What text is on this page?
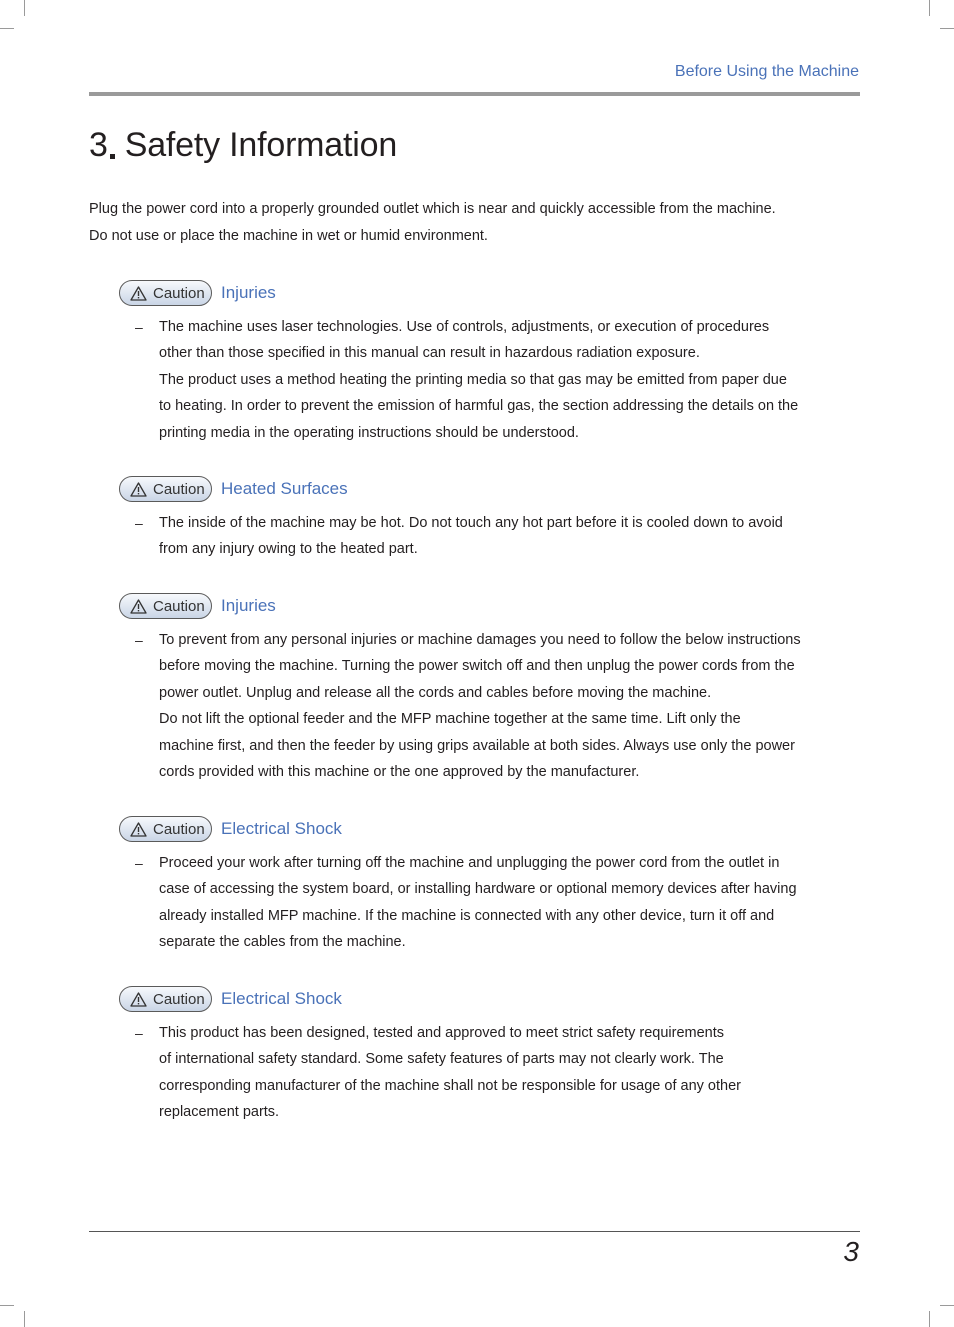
Before Using the Machine
3 Safety Information

Plug the power cord into a properly grounded outlet which is near and quickly accessible from the machine.

Do not use or place the machine in wet or humid environment.

Caution Injuries
– The machine uses laser technologies. Use of controls, adjustments, or execution of procedures

other than those specified in this manual can result in hazardous radiation exposure.

The product uses a method heating the printing media so that gas may be emitted from paper due

to heating. In order to prevent the emission of harmful gas, the section addressing the details on the

printing media in the operating instructions should be understood.

Caution Heated Surfaces
– The inside of the machine may be hot. Do not touch any hot part before it is cooled down to avoid

from any injury owing to the heated part.

Caution Injuries
– To prevent from any personal injuries or machine damages you need to follow the below instructions

before moving the machine. Turning the power switch off and then unplug the power cords from the

power outlet. Unplug and release all the cords and cables before moving the machine.

Do not lift the optional feeder and the MFP machine together at the same time. Lift only the

machine first, and then the feeder by using grips available at both sides. Always use only the power

cords provided with this machine or the one approved by the manufacturer.

Caution Electrical Shock
– Proceed your work after turning off the machine and unplugging the power cord from the outlet in

case of accessing the system board, or installing hardware or optional memory devices after having

already installed MFP machine. If the machine is connected with any other device, turn it off and

separate the cables from the machine.

Caution Electrical Shock
– This product has been designed, tested and approved to meet strict safety requirements

of international safety standard. Some safety features of parts may not clearly work. The

corresponding manufacturer of the machine shall not be responsible for usage of any other

replacement parts.

3
